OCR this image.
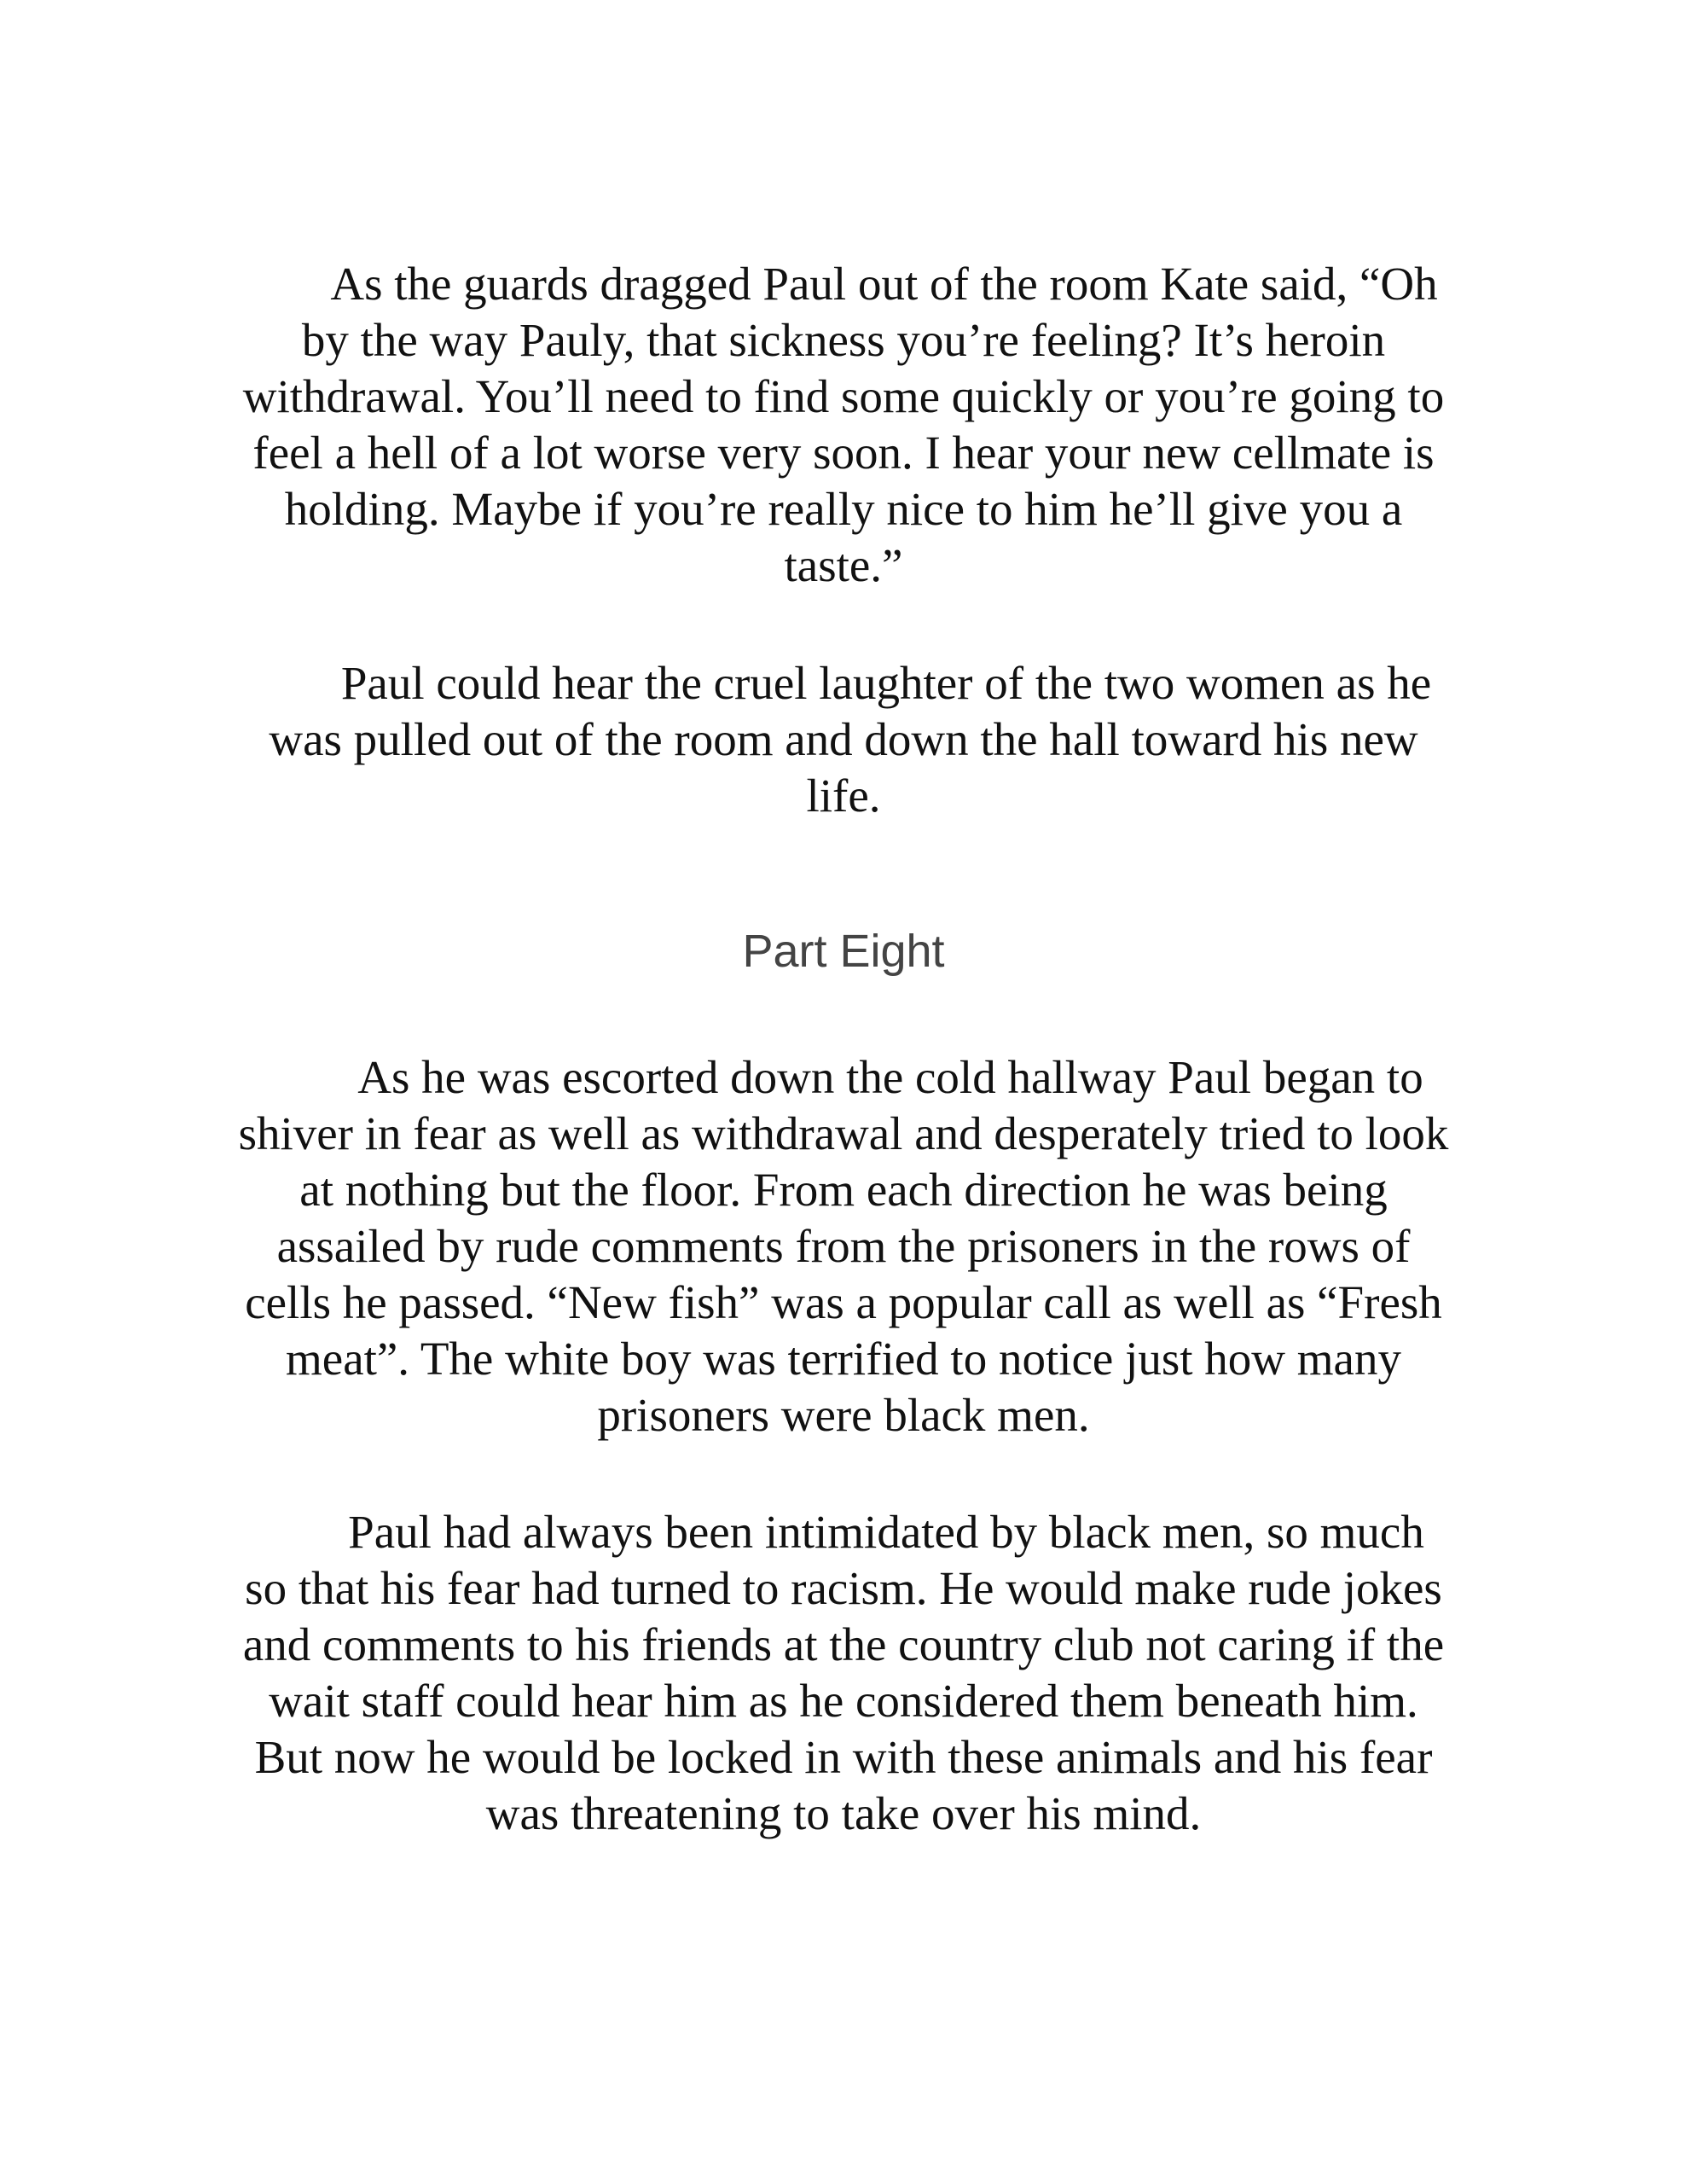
As the guards dragged Paul out of the room Kate said, “Oh
by the way Pauly, that sickness you’re feeling? It’s heroin
withdrawal. You’ll need to find some quickly or you’re going to
feel a hell of a lot worse very soon. I hear your new cellmate is
holding. Maybe if you’re really nice to him he’ll give you a
taste.”
Paul could hear the cruel laughter of the two women as he
was pulled out of the room and down the hall toward his new
life.
Part Eight
As he was escorted down the cold hallway Paul began to
shiver in fear as well as withdrawal and desperately tried to look
at nothing but the floor. From each direction he was being
assailed by rude comments from the prisoners in the rows of
cells he passed. “New fish” was a popular call as well as “Fresh
meat”. The white boy was terrified to notice just how many
prisoners were black men.
Paul had always been intimidated by black men, so much
so that his fear had turned to racism. He would make rude jokes
and comments to his friends at the country club not caring if the
wait staff could hear him as he considered them beneath him.
But now he would be locked in with these animals and his fear
was threatening to take over his mind.
